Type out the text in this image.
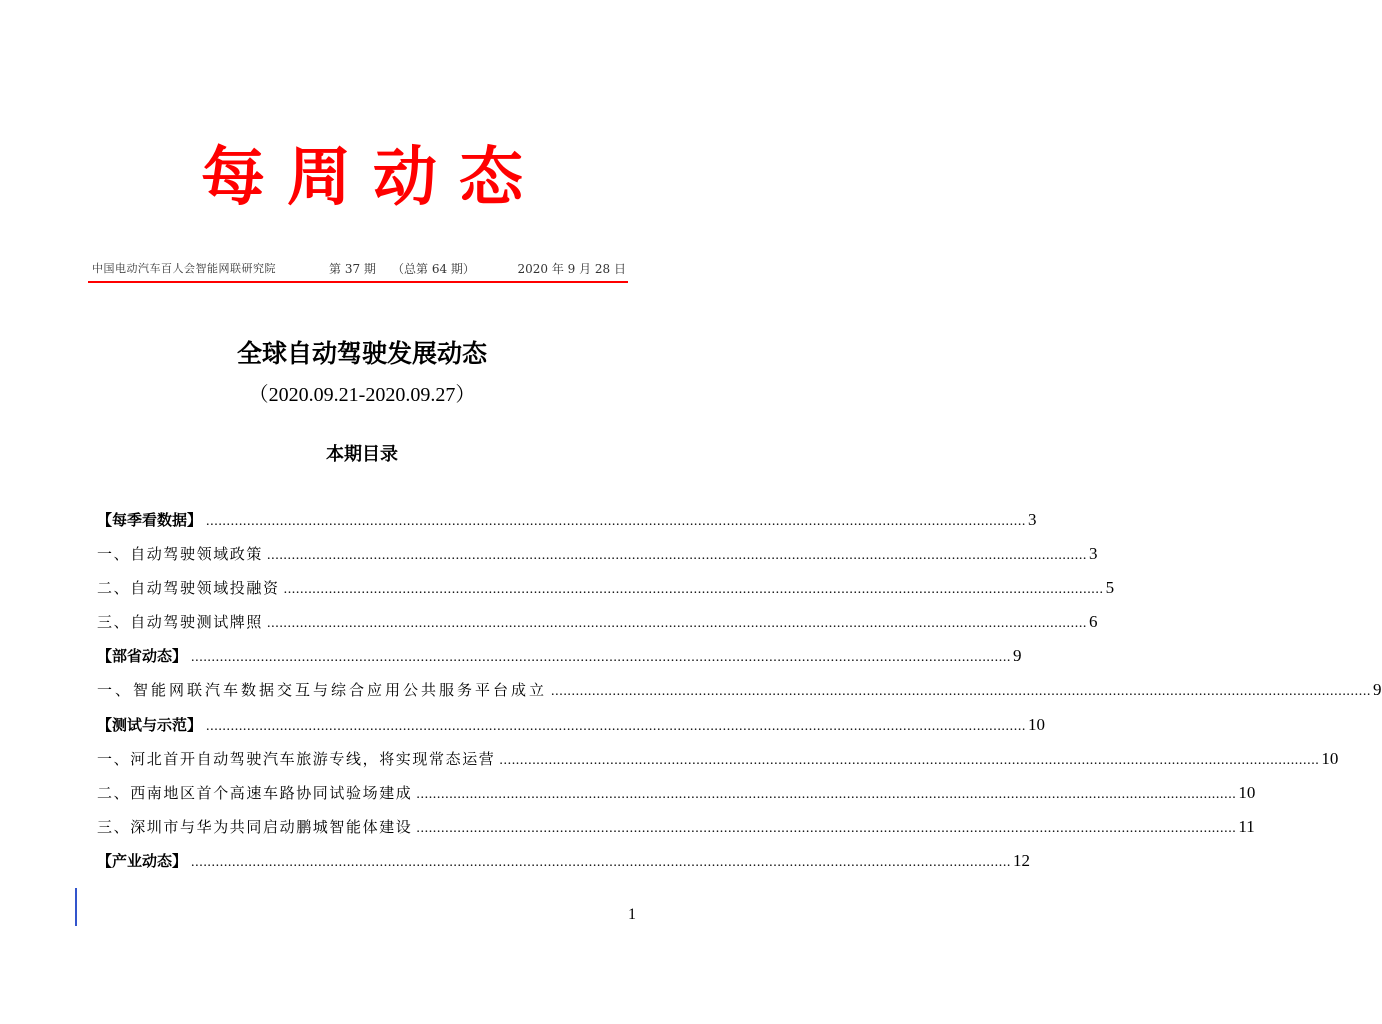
每周动态
中国电动汽车百人会智能网联研究院	第 37 期 （总第 64 期）	2020 年 9 月 28 日
全球自动驾驶发展动态
（2020.09.21-2020.09.27）
本期目录
【每季看数据】 ........................................................................................................................................................................................................ 3
一、自动驾驶领域政策 ........................................................................................................................................................................................................ 3
二、自动驾驶领域投融资 ........................................................................................................................................................................................................ 5
三、自动驾驶测试牌照 ........................................................................................................................................................................................................ 6
【部省动态】 ........................................................................................................................................................................................................ 9
一、智能网联汽车数据交互与综合应用公共服务平台成立 ........................................................................................................................................................................................................ 9
【测试与示范】 ........................................................................................................................................................................................................ 10
一、河北首开自动驾驶汽车旅游专线，将实现常态运营 ........................................................................................................................................................................................................ 10
二、西南地区首个高速车路协同试验场建成 ........................................................................................................................................................................................................ 10
三、深圳市与华为共同启动鹏城智能体建设 ........................................................................................................................................................................................................ 11
【产业动态】 ........................................................................................................................................................................................................ 12
1
